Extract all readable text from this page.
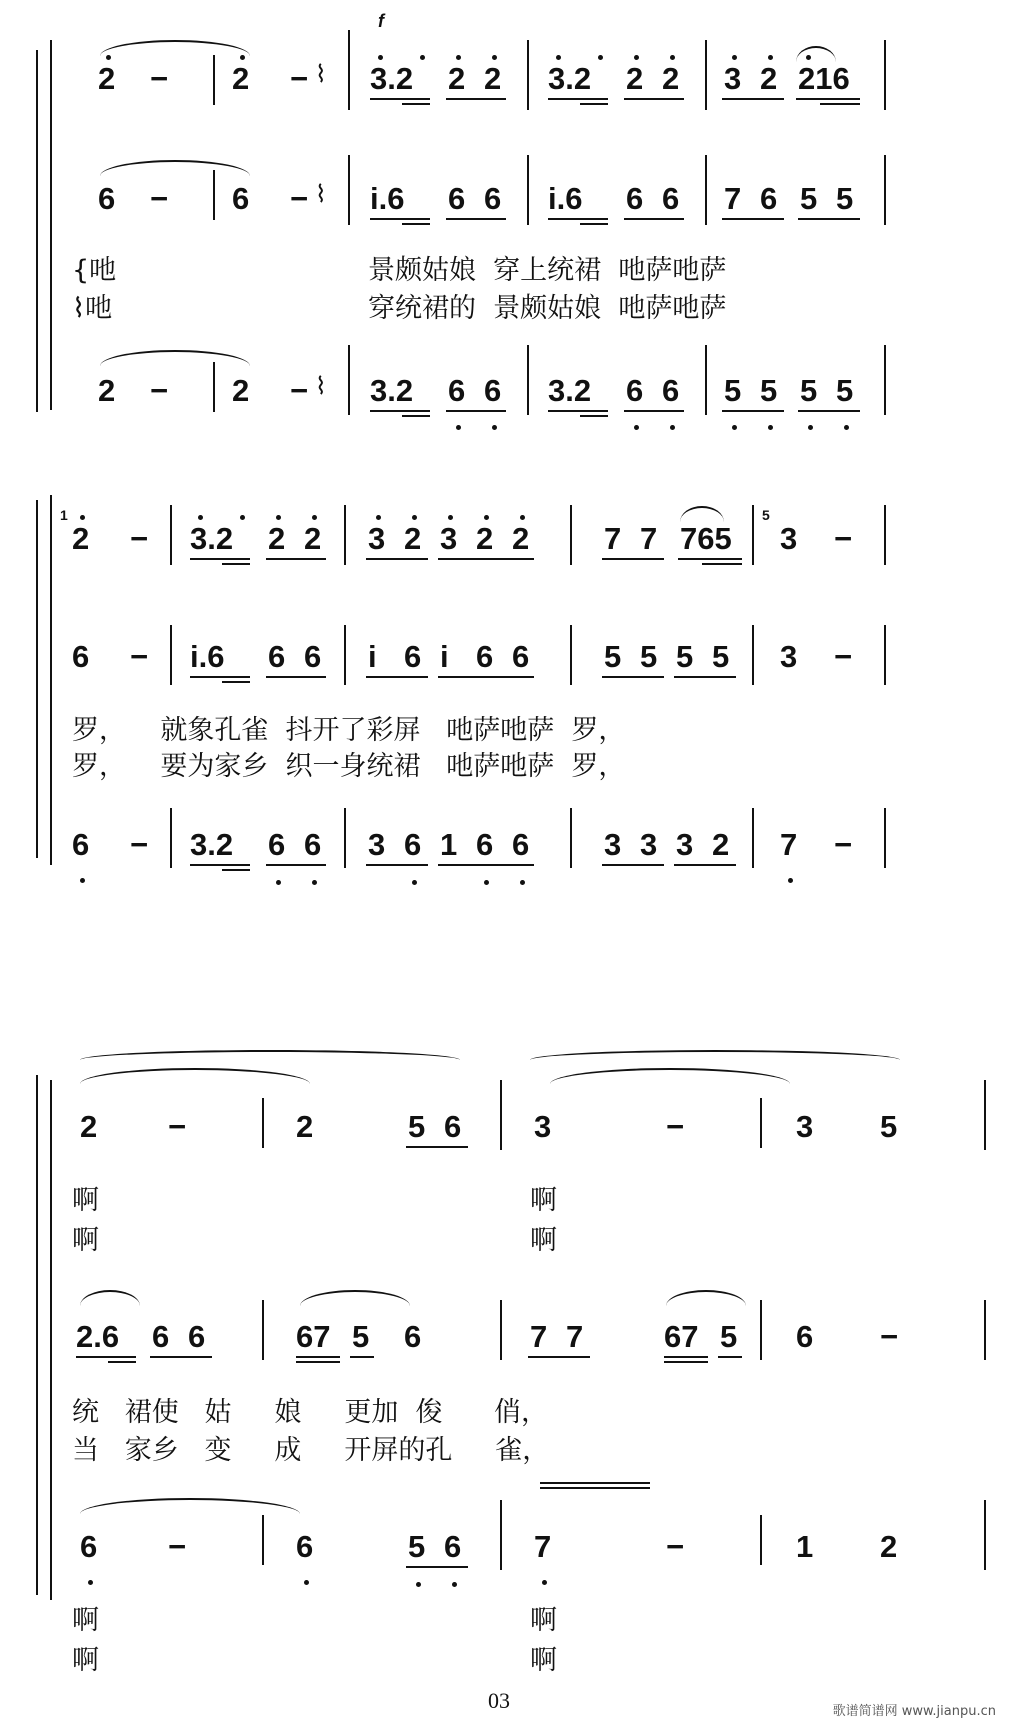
f
2 − 2 − ⌇ 3.2 2 2 3.2 2 2 3 2 216
6 − 6 − ⌇ i.6 6 6 i.6 6 6 7 6 5 5
{吔	景颇姑娘  穿上统裙  吔萨吔萨
⌇吔	穿统裙的  景颇姑娘  吔萨吔萨
2 − 2 − ⌇ 3.2 6 6 3.2 6 6 5 5 5 5
1
2 − 3.2 2 2 3 2 3 2 2 7 7 765
5
3 −
6 − i.6 6 6 i 6 i 6 6 5 5 5 5 3 −
罗，    就象孔雀  抖开了彩屏   吔萨吔萨  罗，
罗，    要为家乡  织一身统裙   吔萨吔萨  罗，
6 − 3.2 6 6 3 6 1 6 6 3 3 3 2 7 −
2 −	2	5 6 3	−	3 5
啊
啊
啊
啊
2.6 6 6	67 5 6	7 7	67 5 6 −
统   裙使   姑     娘     更加  俊      俏，
当   家乡   变     成     开屏的孔     雀，
6 −	6	5 6 7	−	1 2
啊
啊
啊
啊
03	歌谱简谱网 www.jianpu.cn
